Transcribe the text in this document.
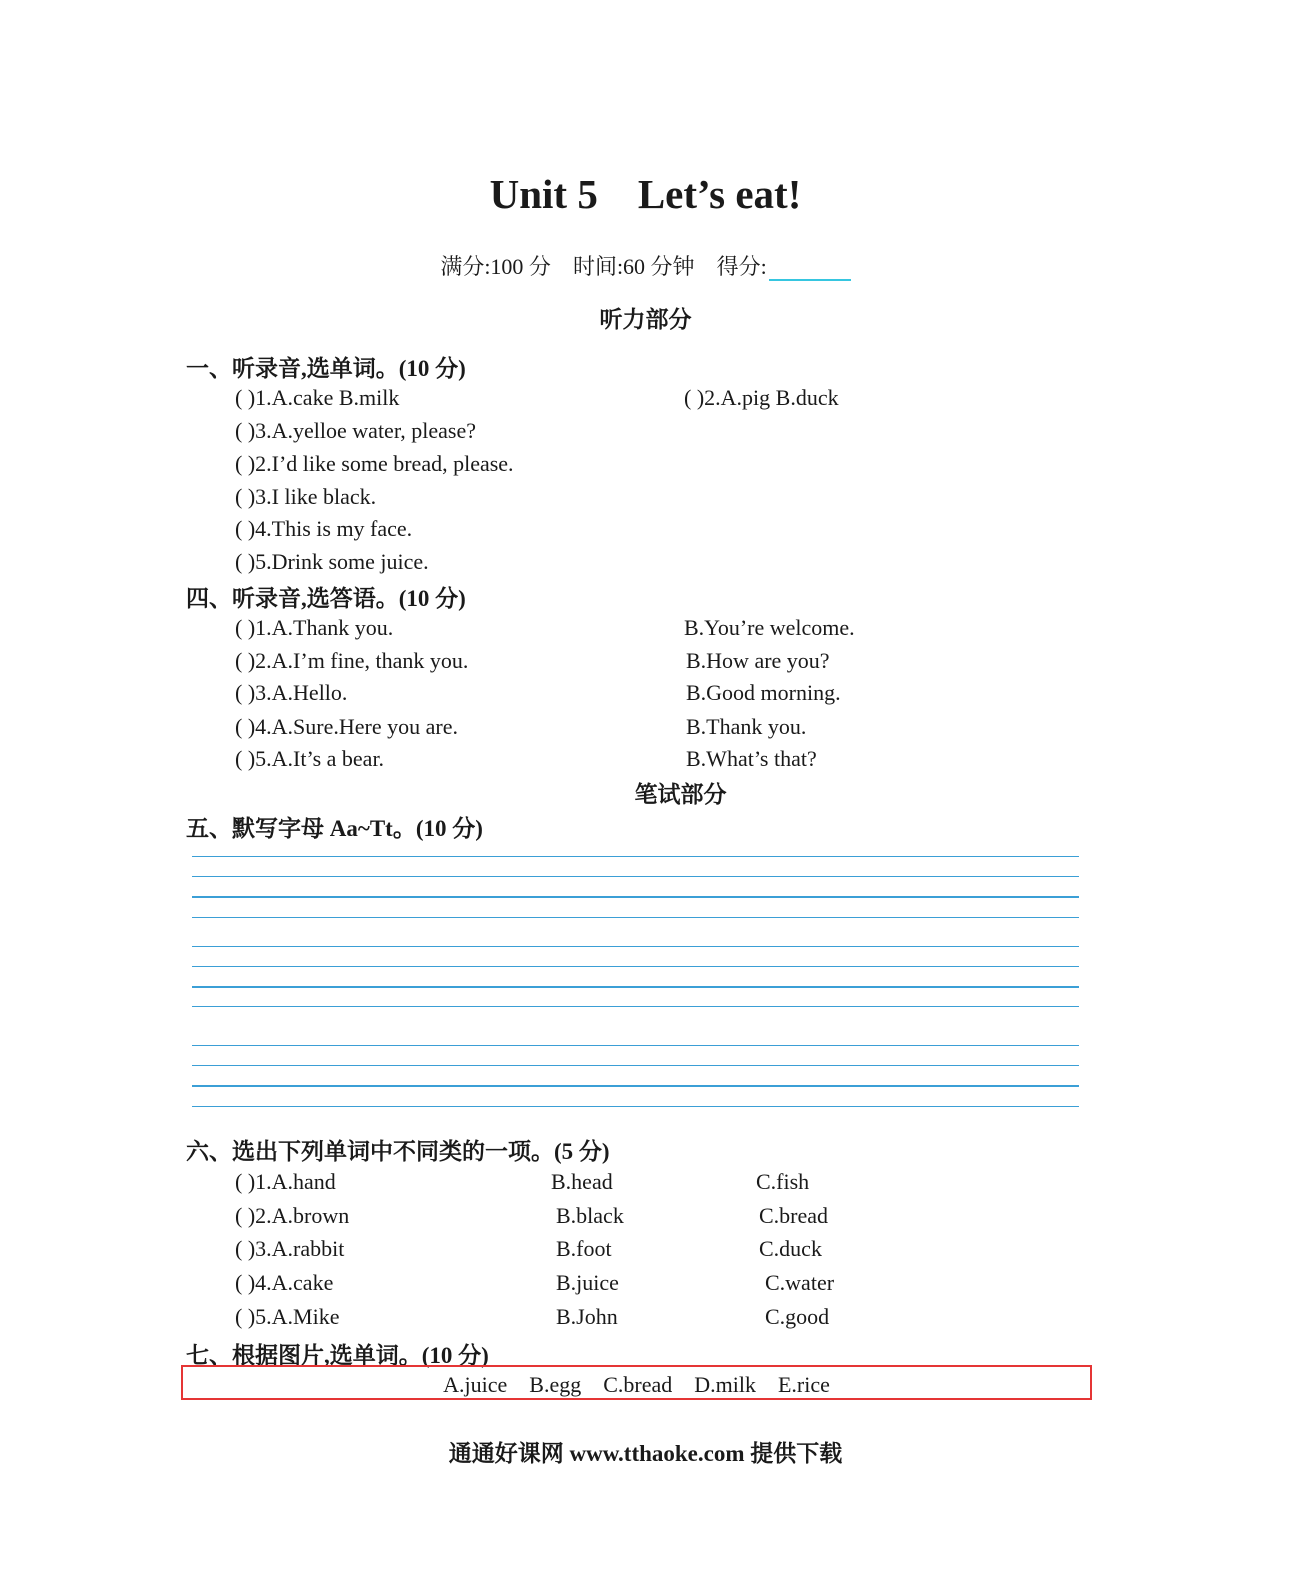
Unit 5 Let’s eat!
满分:100 分 时间:60 分钟 得分:
听力部分
一、听录音,选单词。(10 分)
( )1.A.cake B.milk	( )2.A.pig B.duck
( )3.A.yelloe water, please?
( )2.I’d like some bread, please.
( )3.I like black.
( )4.This is my face.
( )5.Drink some juice.
四、听录音,选答语。(10 分)
( )1.A.Thank you.	B.You’re welcome.
( )2.A.I’m fine, thank you.	B.How are you?
( )3.A.Hello.	B.Good morning.
( )4.A.Sure.Here you are.	B.Thank you.
( )5.A.It’s a bear.	B.What’s that?
笔试部分
五、默写字母 Aa~Tt。(10 分)
六、选出下列单词中不同类的一项。(5 分)
( )1.A.hand	B.head	C.fish
( )2.A.brown	B.black	C.bread
( )3.A.rabbit	B.foot	C.duck
( )4.A.cake	B.juice	C.water
( )5.A.Mike	B.John	C.good
七、根据图片,选单词。(10 分)
A.juice B.egg C.bread D.milk E.rice
通通好课网 www.tthaoke.com 提供下载
